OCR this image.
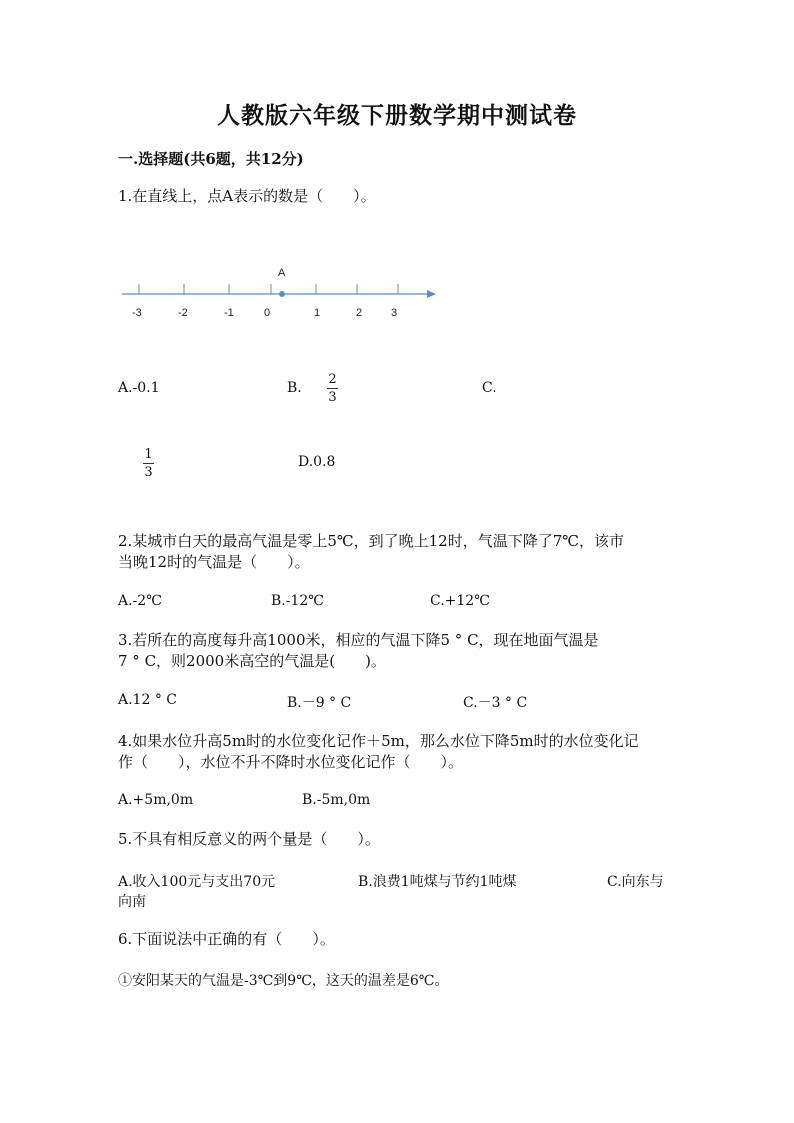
人教版六年级下册数学期中测试卷
一.选择题(共6题，共12分)
1.在直线上，点A表示的数是（　　）。
A
-3	-2	-1	0	1	2	3
A.-0.1	B.
2
3
C.
1
3
D.0.8
2.某城市白天的最高气温是零上5℃，到了晚上12时，气温下降了7℃，该市
当晚12时的气温是（　　）。
A.-2℃	B.-12℃	C.+12℃
3.若所在的高度每升高1000米，相应的气温下降5 ° C，现在地面气温是
7 ° C，则2000米高空的气温是(　　)。
A.12 ° C	B.－9 ° C	C.－3 ° C
4.如果水位升高5m时的水位变化记作＋5m，那么水位下降5m时的水位变化记
作（　　），水位不升不降时水位变化记作（　　）。
A.+5m,0m	B.-5m,0m
5.不具有相反意义的两个量是（　　）。
A.收入100元与支出70元	B.浪费1吨煤与节约1吨煤	C.向东与
向南
6.下面说法中正确的有（　　）。
①安阳某天的气温是-3℃到9℃，这天的温差是6℃。
